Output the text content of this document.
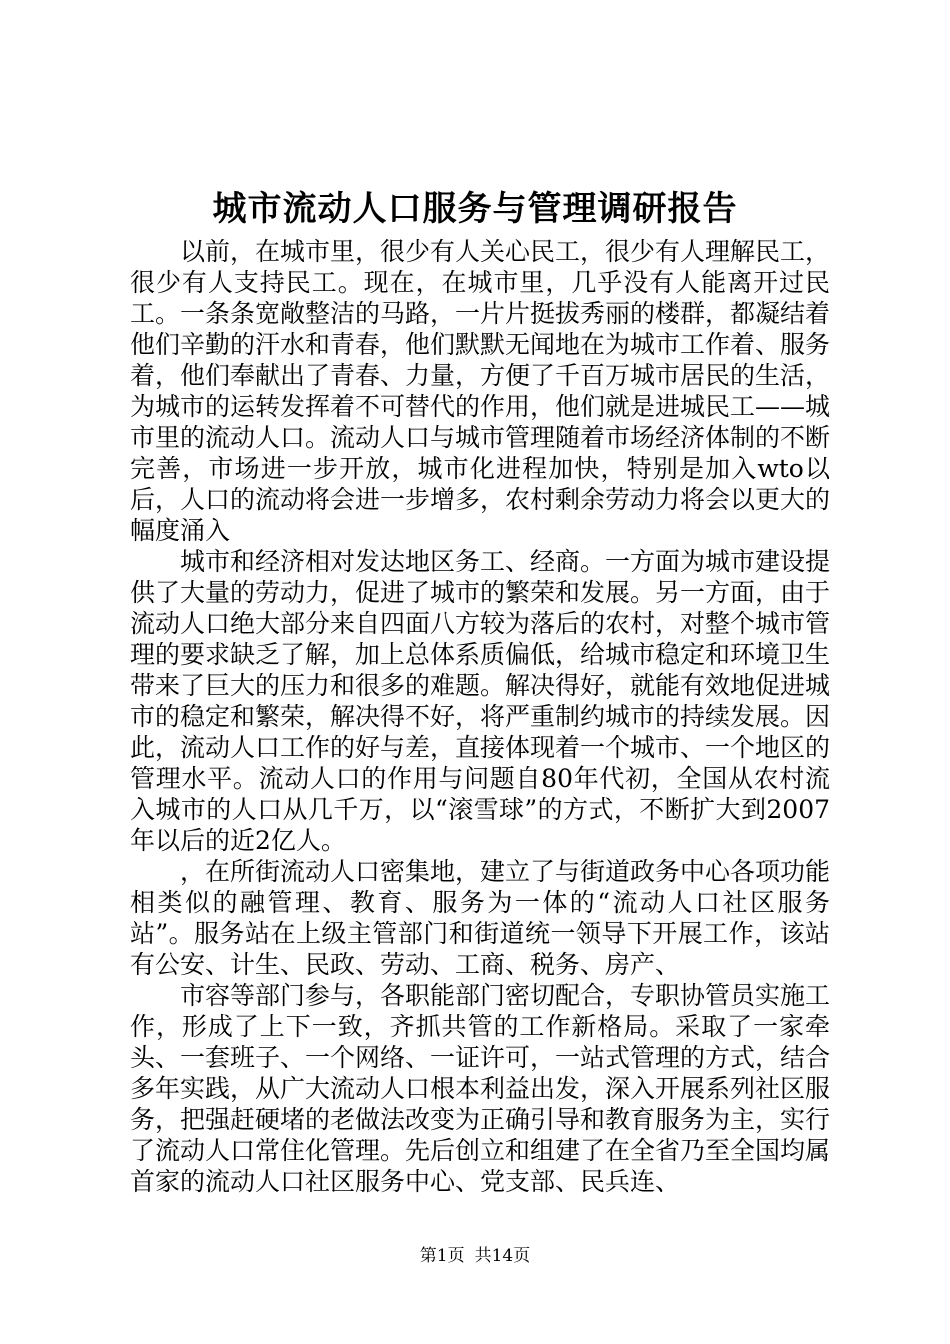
城市流动人口服务与管理调研报告

以前，在城市里，很少有人关心民工，很少有人理解民工，很少有人支持民工。现在，在城市里，几乎没有人能离开过民工。一条条宽敞整洁的马路，一片片挺拔秀丽的楼群，都凝结着他们辛勤的汗水和青春，他们默默无闻地在为城市工作着、服务着，他们奉献出了青春、力量，方便了千百万城市居民的生活，为城市的运转发挥着不可替代的作用，他们就是进城民工——城市里的流动人口。流动人口与城市管理随着市场经济体制的不断完善，市场进一步开放，城市化进程加快，特别是加入wto以后，人口的流动将会进一步增多，农村剩余劳动力将会以更大的幅度涌入

城市和经济相对发达地区务工、经商。一方面为城市建设提供了大量的劳动力，促进了城市的繁荣和发展。另一方面，由于流动人口绝大部分来自四面八方较为落后的农村，对整个城市管理的要求缺乏了解，加上总体系质偏低，给城市稳定和环境卫生带来了巨大的压力和很多的难题。解决得好，就能有效地促进城市的稳定和繁荣，解决得不好，将严重制约城市的持续发展。因此，流动人口工作的好与差，直接体现着一个城市、一个地区的管理水平。流动人口的作用与问题自80年代初，全国从农村流入城市的人口从几千万，以“滚雪球”的方式，不断扩大到2007年以后的近2亿人。

，在所街流动人口密集地，建立了与街道政务中心各项功能相类似的融管理、教育、服务为一体的“流动人口社区服务站”。服务站在上级主管部门和街道统一领导下开展工作，该站有公安、计生、民政、劳动、工商、税务、房产、

市容等部门参与，各职能部门密切配合，专职协管员实施工作，形成了上下一致，齐抓共管的工作新格局。采取了一家牵头、一套班子、一个网络、一证许可，一站式管理的方式，结合多年实践，从广大流动人口根本利益出发，深入开展系列社区服务，把强赶硬堵的老做法改变为正确引导和教育服务为主，实行了流动人口常住化管理。先后创立和组建了在全省乃至全国均属首家的流动人口社区服务中心、党支部、民兵连、

第1页 共14页
